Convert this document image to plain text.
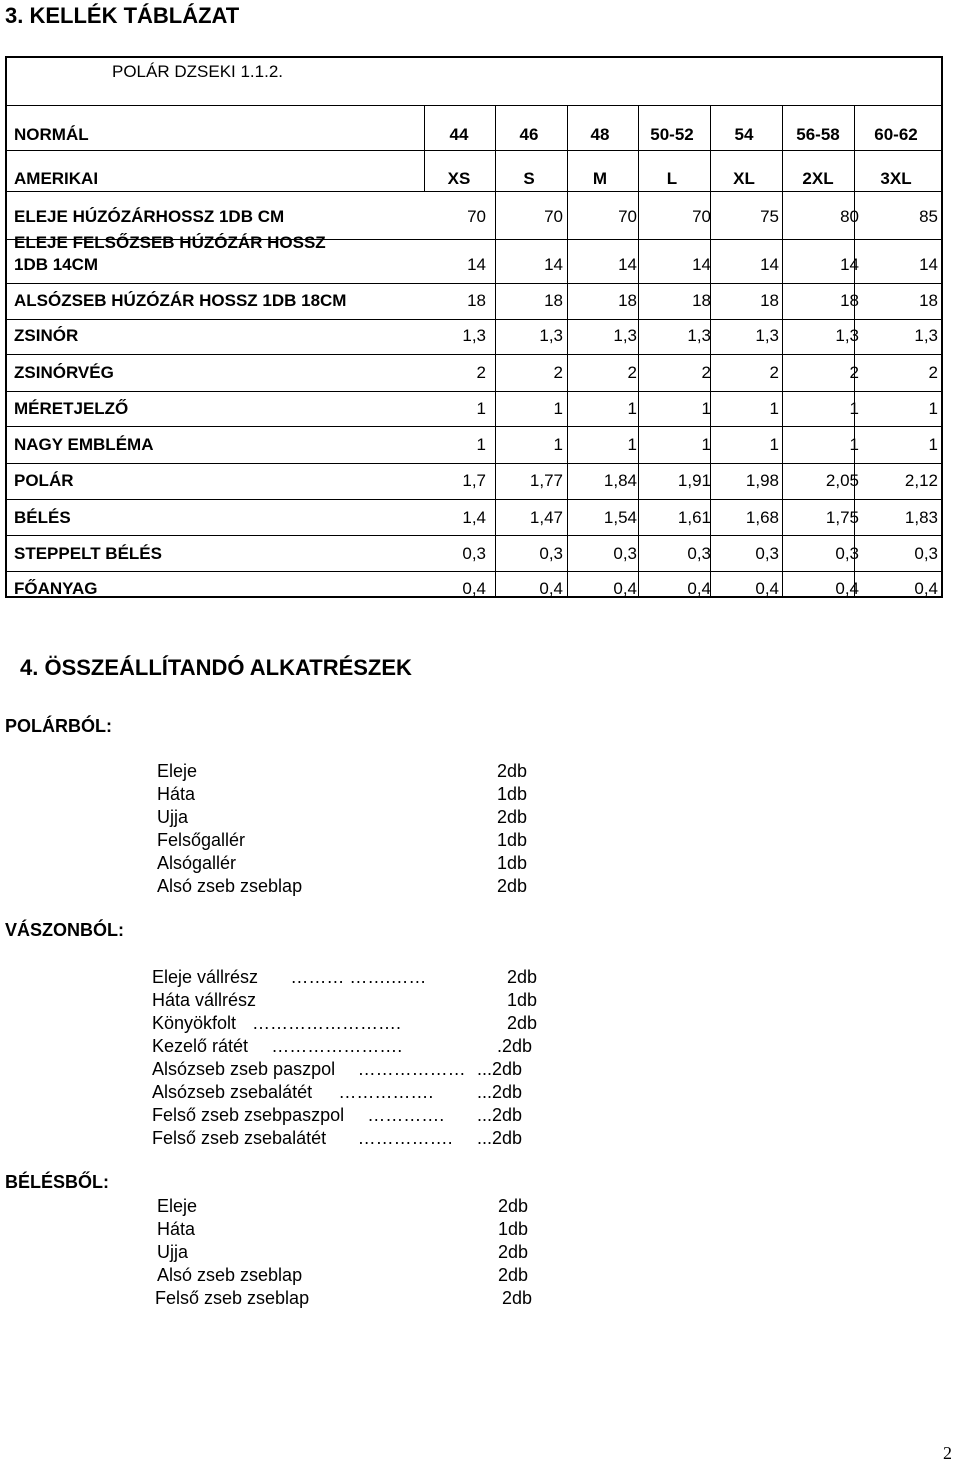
3. KELLÉK TÁBLÁZAT
POLÁR DZSEKI 1.1.2.
NORMÁL	44	46	48	50-52	54	56-58	60-62
AMERIKAI	XS	S	M	L	XL	2XL	3XL
ELEJE HÚZÓZÁRHOSSZ 1DB CM	70	70	70	70	75	80	85
ELEJE FELSŐZSEB HÚZÓZÁR HOSSZ
1DB 14CM	14	14	14	14	14	14	14
ALSÓZSEB HÚZÓZÁR HOSSZ 1DB 18CM	18	18	18	18	18	18	18
ZSINÓR	1,3	1,3	1,3	1,3	1,3	1,3	1,3
ZSINÓRVÉG	2	2	2	2	2	2	2
MÉRETJELZŐ	1	1	1	1	1	1	1
NAGY EMBLÉMA	1	1	1	1	1	1	1
POLÁR	1,7	1,77	1,84	1,91	1,98	2,05	2,12
BÉLÉS	1,4	1,47	1,54	1,61	1,68	1,75	1,83
STEPPELT BÉLÉS	0,3	0,3	0,3	0,3	0,3	0,3	0,3
FŐANYAG	0,4	0,4	0,4	0,4	0,4	0,4	0,4
4. ÖSSZEÁLLÍTANDÓ ALKATRÉSZEK
POLÁRBÓL:
Eleje	2db
Háta	1db
Ujja	2db
Felsőgallér	1db
Alsógallér	1db
Alsó zseb zseblap	2db
VÁSZONBÓL:
Eleje vállrész ……… …….……	2db
Háta vállrész	1db
Könyökfolt …………………….	2db
Kezelő rátét ………………….	.2db
Alsózseb zseb paszpol ……………… ...2db
Alsózseb zsebalátét ……………. ...2db
Felső zseb zsebpaszpol …………. ...2db
Felső zseb zsebalátét ……………. ...2db
BÉLÉSBŐL:
Eleje	2db
Háta	1db
Ujja	2db
Alsó zseb zseblap	2db
Felső zseb zseblap	2db
2
